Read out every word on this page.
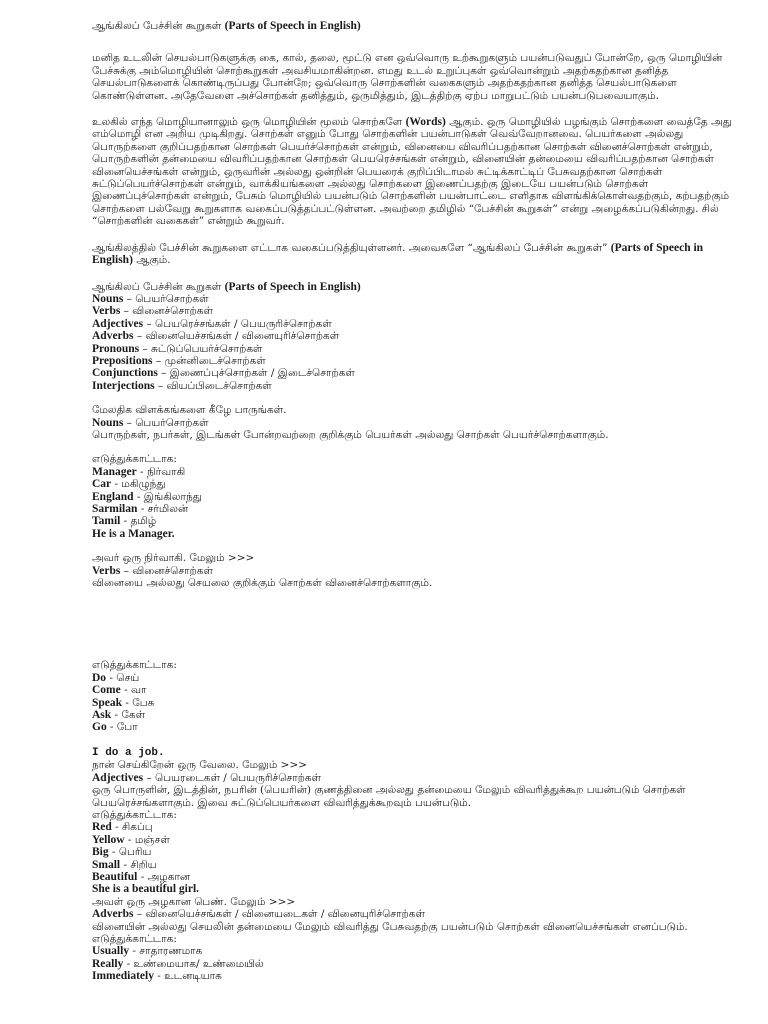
ஆங்கிலப் பேச்சின் கூறுகள் (Parts of Speech in English)
மனித உடலின் செயல்பாடுகளுக்கு கை, கால், தலை, மூட்டு என ஒவ்வொரு உற்கூறுகளும் பயன்படுவதுப் போன்றே, ஒரு மொழியின் பேச்சுக்கு அம்மொழியின் சொற்கூறுகள் அவசியமாகின்றன. எமது உடல் உறுப்புகள் ஒவ்வொன்றும் அதற்கதற்கான தனித்த செயல்பாடுகளைக் கொண்டிருப்பது போன்றே; ஒவ்வொரு சொற்களின் வகைகளும் அதற்கதற்கான தனித்த செயல்பாடுகளை கொண்டுள்ளன. அதேவேளை அச்சொற்கள் தனித்தும், ஒருமித்தும், இடத்திற்கு ஏற்ப மாறுபட்டும் பயன்படுபவையாகும்.
உலகில் எந்த மொழியானாலும் ஒரு மொழியின் மூலம் சொற்களே (Words) ஆகும். ஒரு மொழியில் பழங்கும் சொற்களை வைத்தே அது எம்மொழி என அறிய முடிகிறது. சொற்கள் எனும் போது சொற்களின் பயன்பாடுகள் வெவ்வேறானவை. பெயர்களை அல்லது பொருற்களை குறிப்பதற்கான சொற்கள் பெயர்ச்சொற்கள் என்றும், வினையை விவரிப்பதற்கான சொற்கள் வினைச்சொற்கள் என்றும், பொருற்களின் தன்மையை விவரிப்பதற்கான சொற்கள் பெயரெச்சங்கள் என்றும், வினையின் தன்மையை விவரிப்பதற்கான சொற்கள் வினையெச்சங்கள் என்றும், ஒருவரின் அல்லது ஒன்றின் பெயரைக் குறிப்பிடாமல் சுட்டிக்காட்டிப் பேசுவதற்கான சொற்கள் சுட்டுப்பெயர்ச்சொற்கள் என்றும், வாக்கியங்களை அல்லது சொற்களை இணைப்பதற்கு இடையே பயன்படும் சொற்கள் இணைப்புச்சொற்கள் என்றும், பேசும் மொழியில் பயன்படும் சொற்களின் பயன்பாட்டை எளிதாக விளங்கிக்கொள்வதற்கும், கற்பதற்கும் சொற்களை பல்வேறு கூறுகளாக வகைப்படுத்தப்பட்டுள்ளன. அவற்றை தமிழில் “பேச்சின் கூறுகள்” என்று அழைக்கப்படுகின்றது. சில் “சொற்களின் வகைகள்” என்றும் கூறுவர்.
ஆங்கிலத்தில் பேச்சின் கூறுகளை எட்டாக வகைப்படுத்தியுள்ளனர். அவைகளே “ஆங்கிலப் பேச்சின் கூறுகள்” (Parts of Speech in English) ஆகும்.
ஆங்கிலப் பேச்சின் கூறுகள் (Parts of Speech in English)
Nouns – பெயர்சொற்கள்
Verbs – வினைச்சொற்கள்
Adjectives – பெயரெச்சங்கள் / பெயருரிச்சொற்கள்
Adverbs – வினையெச்சங்கள் / வினையுரிச்சொற்கள்
Pronouns – சுட்டுப்பெயர்ச்சொற்கள்
Prepositions – முன்னிடைச்சொற்கள்
Conjunctions – இணைப்புச்சொற்கள் / இடைச்சொற்கள்
Interjections – வியப்பிடைச்சொற்கள்
மேலதிக விளக்கங்களை கீழே பாருங்கள்.
Nouns – பெயர்சொற்கள்
பொருற்கள், நபர்கள், இடங்கள் போன்றவற்றை குறிக்கும் பெயர்கள் அல்லது சொற்கள் பெயர்ச்சொற்களாகும்.
எடுத்துக்காட்டாக:
Manager - நிர்வாகி
Car - மகிழுந்து
England - இங்கிலாந்து
Sarmilan - சர்மிலன்
Tamil - தமிழ்
He is a Manager.
அவர் ஒரு நிர்வாகி. மேலும் >>>
Verbs – வினைச்சொற்கள்
வினையை அல்லது செயலை குறிக்கும் சொற்கள் வினைச்சொற்களாகும்.
எடுத்துக்காட்டாக:
Do - செய்
Come - வா
Speak - பேசு
Ask - கேள்
Go - போ
I do a job.
நான் செய்கிறேன் ஒரு வேலை. மேலும் >>>
Adjectives – பெயரடைகள் / பெயருரிச்சொற்கள்
ஒரு பொருளின், இடத்தின், நபரின் (பெயரின்) குணத்தினை அல்லது தன்மையை மேலும் விவரித்துக்கூற பயன்படும் சொற்கள் பெயரெச்சங்களாகும். இவை சுட்டுப்பெயர்களை விவரித்துக்கூறவும் பயன்படும்.
எடுத்துக்காட்டாக:
Red - சிகப்பு
Yellow - மஞ்சள்
Big - பெரிய
Small - சிறிய
Beautiful - அழகான
She is a beautiful girl.
அவள் ஒரு அழகான பெண். மேலும் >>>
Adverbs – வினையெச்சங்கள் / வினையடைகள் / வினையுரிச்சொற்கள்
வினையின் அல்லது செயலின் தன்மையை மேலும் விவரித்து பேசுவதற்கு பயன்படும் சொற்கள் வினையெச்சங்கள் எனப்படும்.
எடுத்துக்காட்டாக:
Usually - சாதாரணமாக
Really - உண்மையாக/ உண்மையில்
Immediately - உடனடியாக
